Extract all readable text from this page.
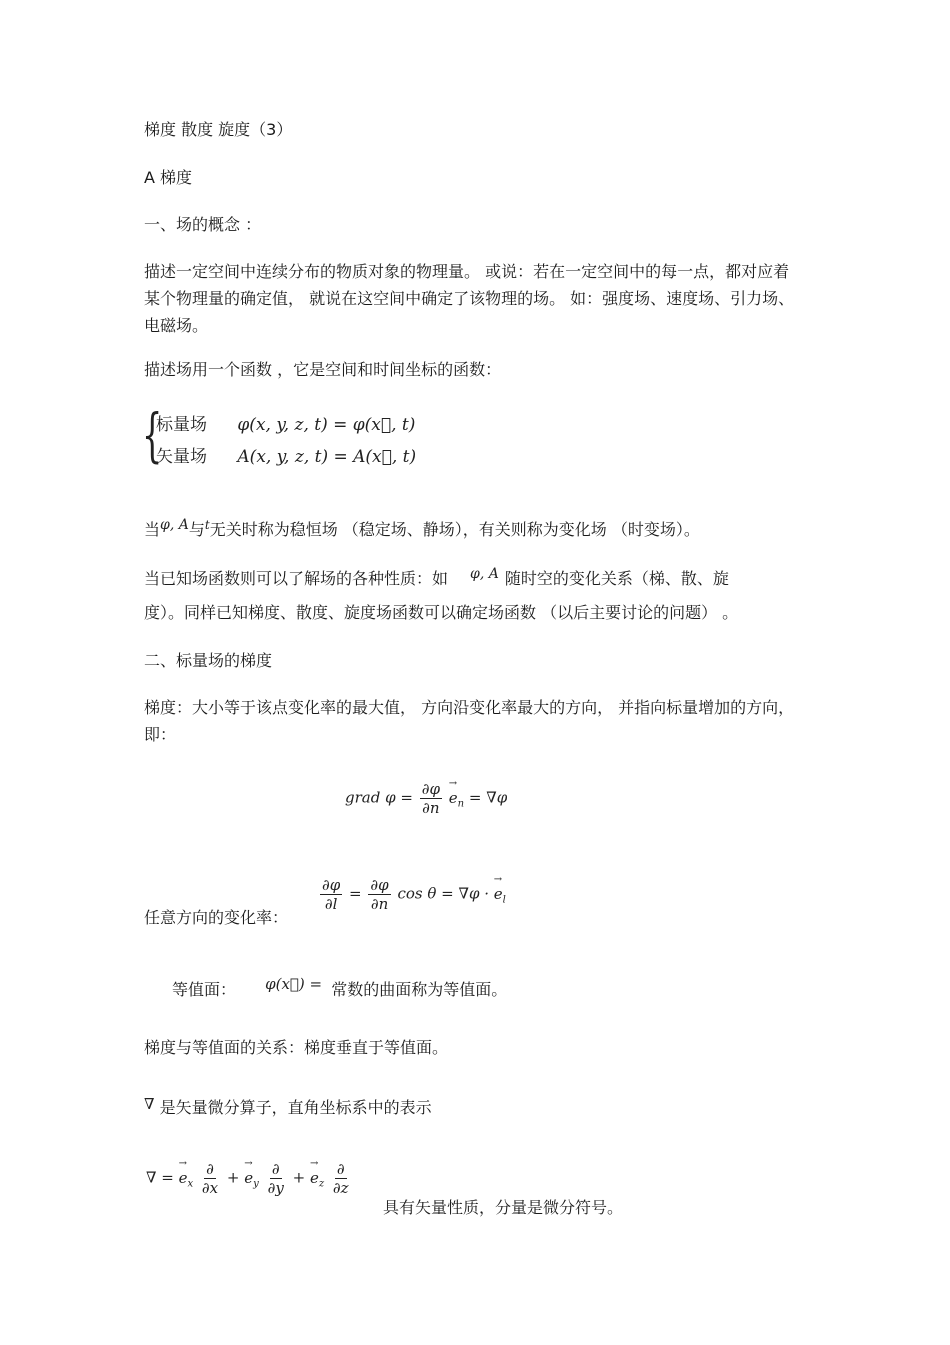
梯度 散度 旋度（3）
A 梯度
一、场的概念 ：
描述一定空间中连续分布的物质对象的物理量。 或说：若在一定空间中的每一点，都对应着某个物理量的确定值， 就说在这空间中确定了该物理的场。 如：强度场、速度场、引力场、电磁场。
描述场用一个函数 ，它是空间和时间坐标的函数：
{
标量场 φ(x, y, z, t) = φ(x⃗, t)
矢量场 A(x, y, z, t) = A(x⃗, t)
当φ, A与$^t$无关时称为稳恒场 （稳定场、静场），有关则称为变化场 （时变场）。
当已知场函数则可以了解场的各种性质：如 φ, A 随时空的变化关系（梯、散、旋
度）。同样已知梯度、散度、旋度场函数可以确定场函数 （以后主要讨论的问题） 。
二、标量场的梯度
梯度：大小等于该点变化率的最大值， 方向沿变化率最大的方向， 并指向标量增加的方向，即：
grad $\varphi = \frac{\partial\varphi}{\partial n}$
→ $e_n = \nabla\varphi$
任意方向的变化率：
$\frac{\partial\varphi}{\partial l} = \frac{\partial\varphi}{\partial n}$ cos θ = ∇φ · → $e_l$
等值面： φ(x⃗) = 常数的曲面称为等值面。
梯度与等值面的关系：梯度垂直于等值面。
∇ 是矢量微分算子，直角坐标系中的表示
∇ = → $e_x \frac{\partial}{\partial x}$ + → $e_y \frac{\partial}{\partial y}$ + → $e_z \frac{\partial}{\partial z}$
具有矢量性质，分量是微分符号。
